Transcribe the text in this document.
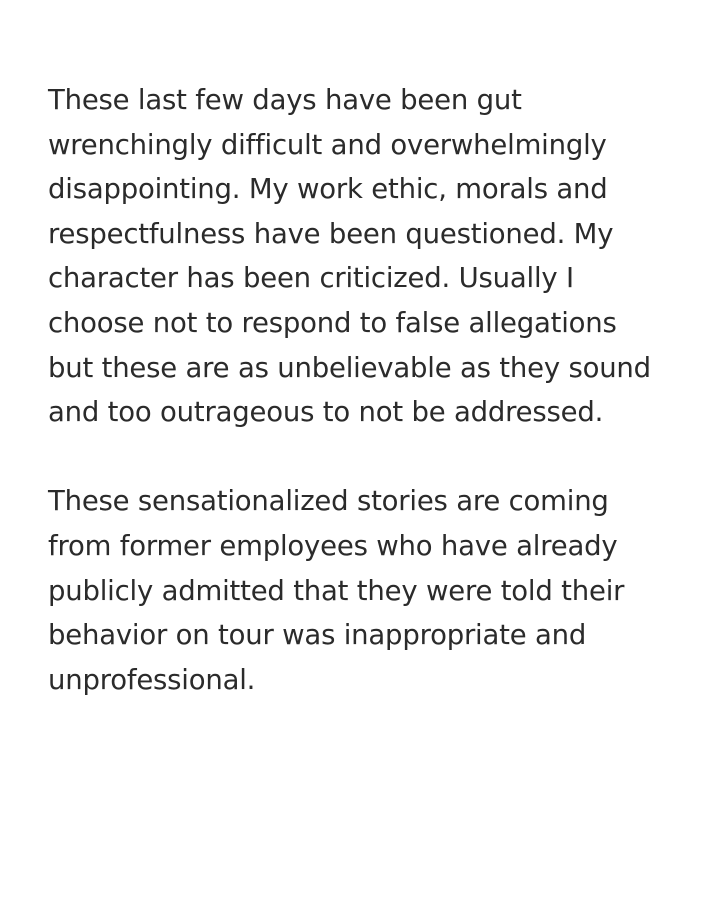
These last few days have been gut
wrenchingly difficult and overwhelmingly
disappointing. My work ethic, morals and
respectfulness have been questioned. My
character has been criticized. Usually I
choose not to respond to false allegations
but these are as unbelievable as they sound
and too outrageous to not be addressed.

These sensationalized stories are coming
from former employees who have already
publicly admitted that they were told their
behavior on tour was inappropriate and
unprofessional.
